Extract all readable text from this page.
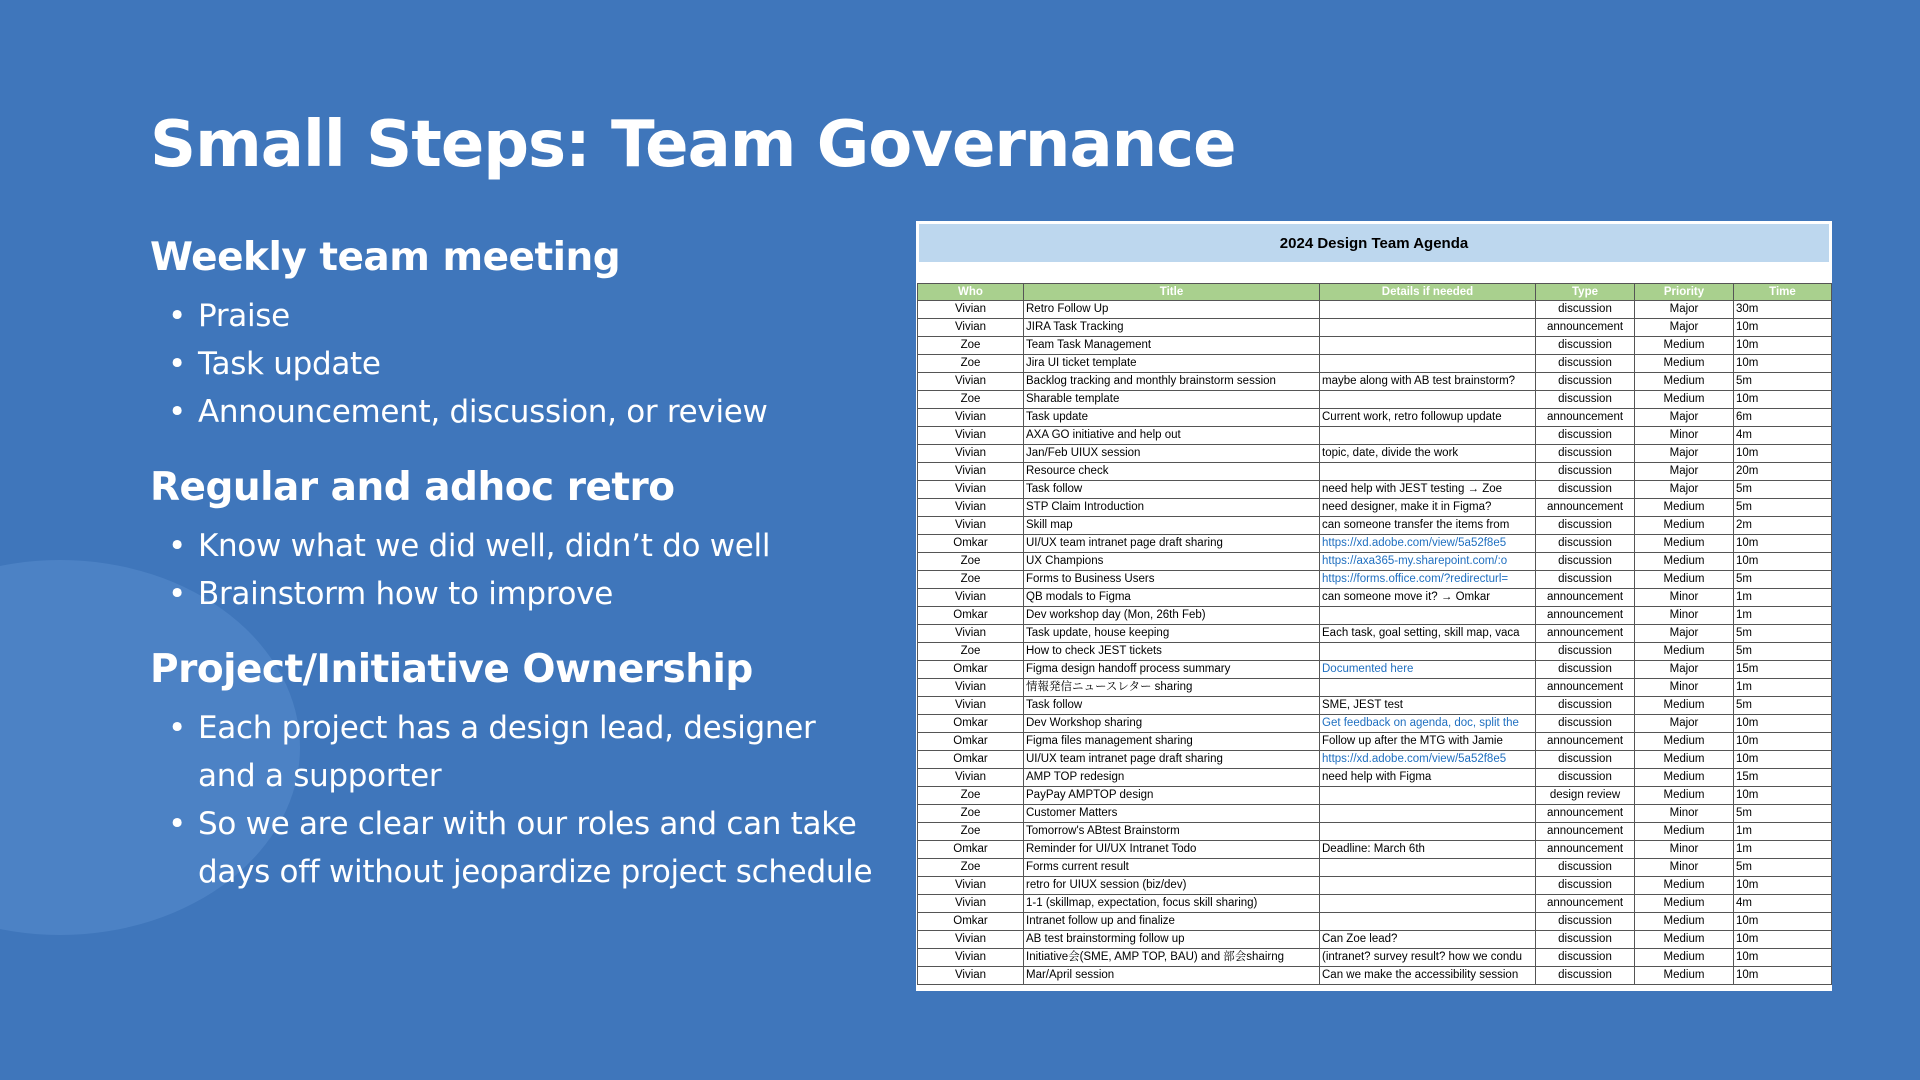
Small Steps: Team Governance
Weekly team meeting
• Praise
• Task update
• Announcement, discussion, or review
Regular and adhoc retro
• Know what we did well, didn’t do well
• Brainstorm how to improve
Project/Initiative Ownership
• Each project has a design lead, designer and a supporter
• So we are clear with our roles and can take days off without jeopardize project schedule
2024 Design Team Agenda
Who	Title	Details if needed	Type	Priority	Time
Vivian	Retro Follow Up		discussion	Major	30m
Vivian	JIRA Task Tracking		announcement	Major	10m
Zoe	Team Task Management		discussion	Medium	10m
Zoe	Jira UI ticket template		discussion	Medium	10m
Vivian	Backlog tracking and monthly brainstorm session	maybe along with AB test brainstorm?	discussion	Medium	5m
Zoe	Sharable template		discussion	Medium	10m
Vivian	Task update	Current work, retro followup update	announcement	Major	6m
Vivian	AXA GO initiative and help out		discussion	Minor	4m
Vivian	Jan/Feb UIUX session	topic, date, divide the work	discussion	Major	10m
Vivian	Resource check		discussion	Major	20m
Vivian	Task follow	need help with JEST testing → Zoe	discussion	Major	5m
Vivian	STP Claim Introduction	need designer, make it in Figma?	announcement	Medium	5m
Vivian	Skill map	can someone transfer the items from	discussion	Medium	2m
Omkar	UI/UX team intranet page draft sharing	https://xd.adobe.com/view/5a52f8e5	discussion	Medium	10m
Zoe	UX Champions	https://axa365-my.sharepoint.com/:o	discussion	Medium	10m
Zoe	Forms to Business Users	https://forms.office.com/?redirecturl=	discussion	Medium	5m
Vivian	QB modals to Figma	can someone move it? → Omkar	announcement	Minor	1m
Omkar	Dev workshop day (Mon, 26th Feb)		announcement	Minor	1m
Vivian	Task update, house keeping	Each task, goal setting, skill map, vaca	announcement	Major	5m
Zoe	How to check JEST tickets		discussion	Medium	5m
Omkar	Figma design handoff process summary	Documented here	discussion	Major	15m
Vivian	情報発信ニュースレター sharing		announcement	Minor	1m
Vivian	Task follow	SME, JEST test	discussion	Medium	5m
Omkar	Dev Workshop sharing	Get feedback on agenda, doc, split the	discussion	Major	10m
Omkar	Figma files management sharing	Follow up after the MTG with Jamie	announcement	Medium	10m
Omkar	UI/UX team intranet page draft sharing	https://xd.adobe.com/view/5a52f8e5	discussion	Medium	10m
Vivian	AMP TOP redesign	need help with Figma	discussion	Medium	15m
Zoe	PayPay AMPTOP design		design review	Medium	10m
Zoe	Customer Matters		announcement	Minor	5m
Zoe	Tomorrow's ABtest Brainstorm		announcement	Medium	1m
Omkar	Reminder for UI/UX Intranet Todo	Deadline: March 6th	announcement	Minor	1m
Zoe	Forms current result		discussion	Minor	5m
Vivian	retro for UIUX session (biz/dev)		discussion	Medium	10m
Vivian	1-1 (skillmap, expectation, focus skill sharing)		announcement	Medium	4m
Omkar	Intranet follow up and finalize		discussion	Medium	10m
Vivian	AB test brainstorming follow up	Can Zoe lead?	discussion	Medium	10m
Vivian	Initiative会(SME, AMP TOP, BAU) and 部会shairng	(intranet? survey result? how we condu	discussion	Medium	10m
Vivian	Mar/April session	Can we make the accessibility session	discussion	Medium	10m
